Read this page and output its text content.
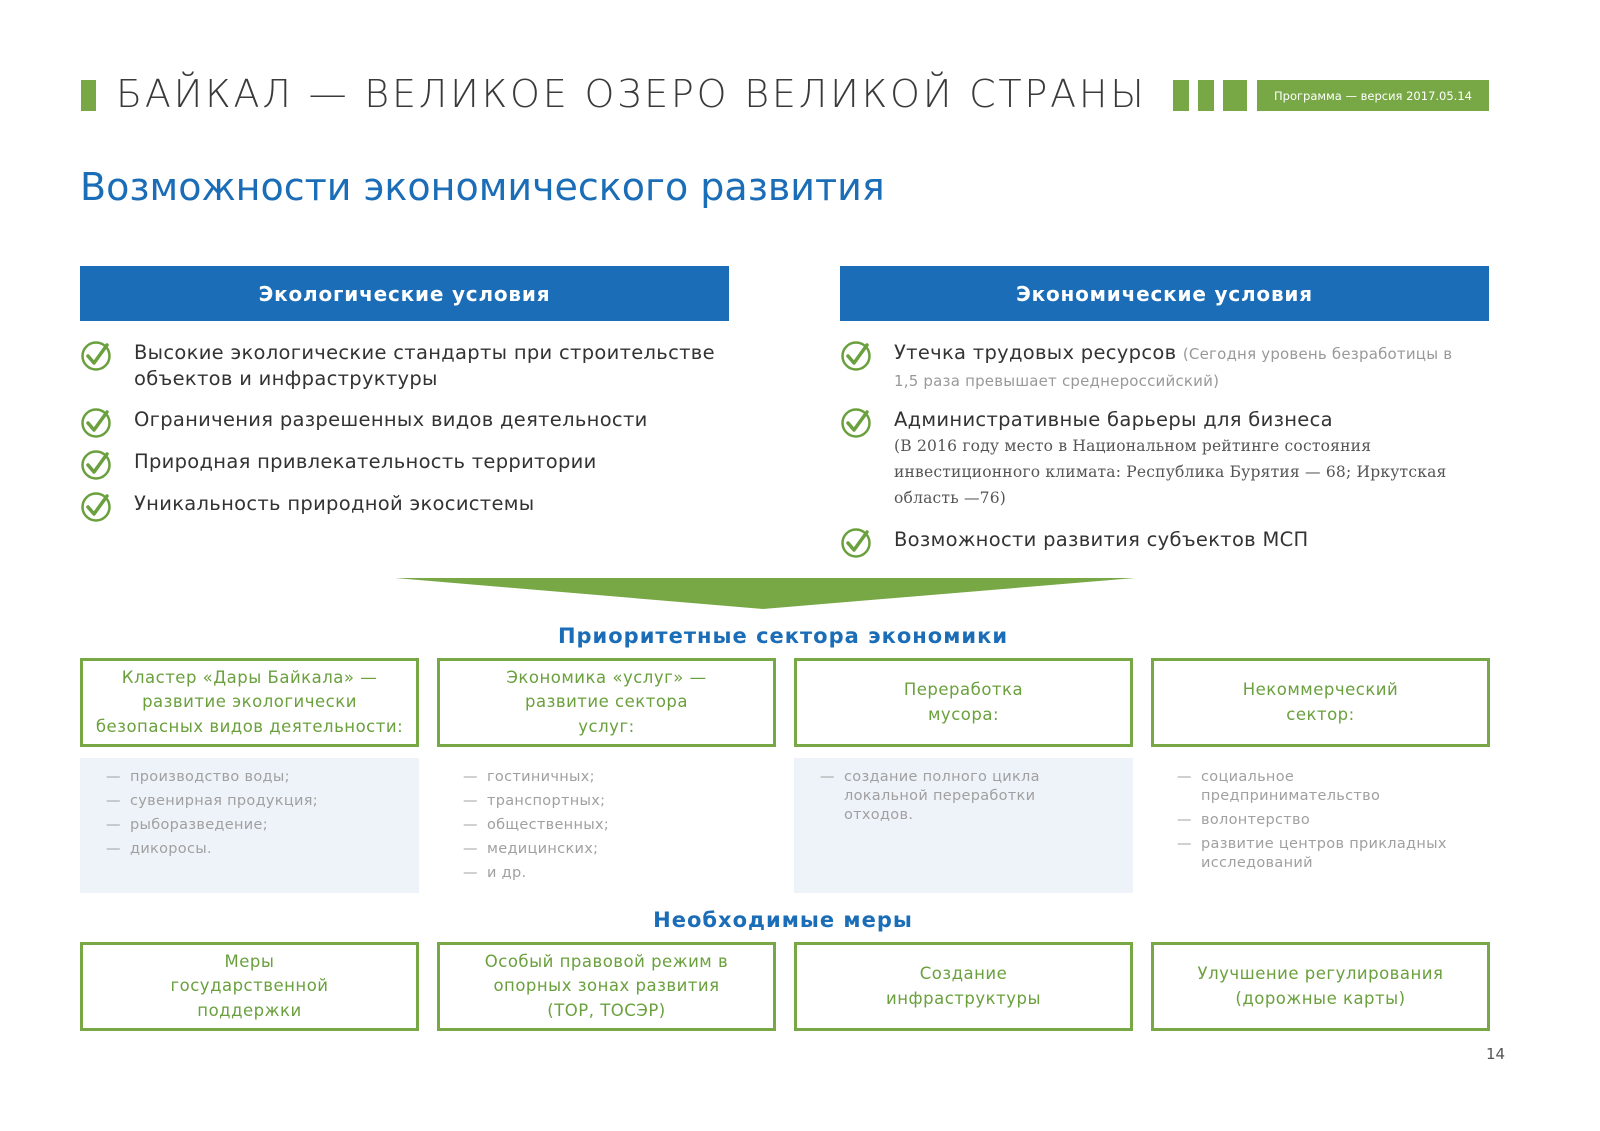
БАЙКАЛ — ВЕЛИКОЕ ОЗЕРО ВЕЛИКОЙ СТРАНЫ	Программа — версия 2017.05.14
Возможности экономического развития
Экологические условия	Экономические условия
Высокие экологические стандарты при строительстве объектов и инфраструктуры
Ограничения разрешенных видов деятельности
Природная привлекательность территории
Уникальность природной экосистемы
Утечка трудовых ресурсов (Сегодня уровень безработицы в 1,5 раза превышает среднероссийский)
Административные барьеры для бизнеса
(В 2016 году место в Национальном рейтинге состояния инвестиционного климата: Республика Бурятия — 68; Иркутская область —76)
Возможности развития субъектов МСП
Приоритетные сектора экономики
Кластер «Дары Байкала» — развитие экологически безопасных видов деятельности:
Экономика «услуг» — развитие сектора услуг:
Переработка мусора:
Некоммерческий сектор:
— производство воды;
— сувенирная продукция;
— рыборазведение;
— дикоросы.
— гостиничных;
— транспортных;
— общественных;
— медицинских;
— и др.
— создание полного цикла локальной переработки отходов.
— социальное предпринимательство
— волонтерство
— развитие центров прикладных исследований
Необходимые меры
Меры государственной поддержки
Особый правовой режим в опорных зонах развития (ТОР, ТОСЭР)
Создание инфраструктуры
Улучшение регулирования (дорожные карты)
14
